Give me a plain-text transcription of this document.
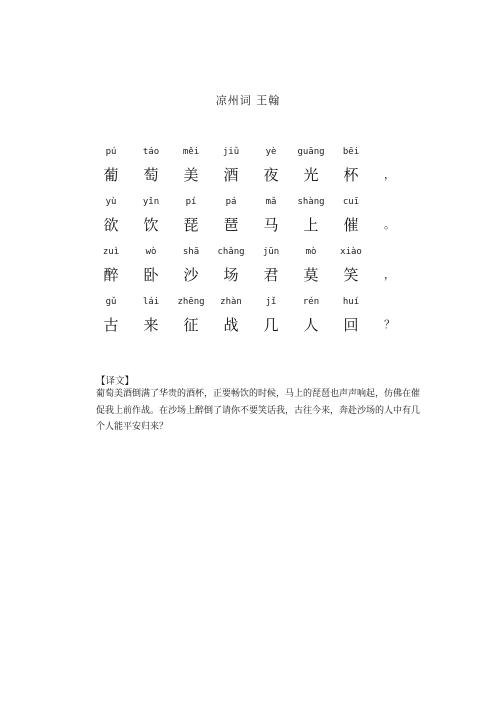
凉州词 王翰
pú	táo	měi	jiǔ	yè	guāng	bēi
葡	萄	美	酒	夜	光	杯	，
yù	yǐn	pí	pá	mǎ	shàng	cuī
欲	饮	琵	琶	马	上	催	。
zuì	wò	shā	chǎng	jūn	mò	xiào
醉	卧	沙	场	君	莫	笑	，
gǔ	lái	zhēng	zhàn	jǐ	rén	huí
古	来	征	战	几	人	回	？
【译文】
葡萄美酒倒满了华贵的酒杯，正要畅饮的时候，马上的琵琶也声声响起，仿佛在催促我上前作战。在沙场上醉倒了请你不要笑话我，古往今来，奔赴沙场的人中有几个人能平安归来？
